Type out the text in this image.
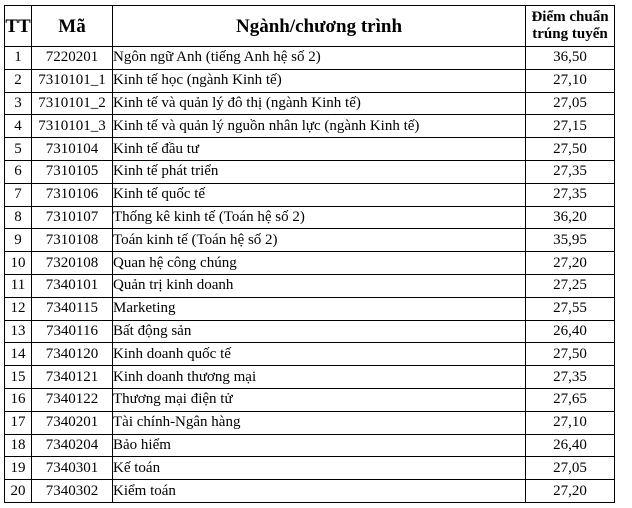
TT	Mã	Ngành/chương trình	Điểm chuẩn
trúng tuyển
1	7220201	Ngôn ngữ Anh (tiếng Anh hệ số 2)	36,50
2	7310101_1	Kinh tế học (ngành Kinh tế)	27,10
3	7310101_2	Kinh tế và quản lý đô thị (ngành Kinh tế)	27,05
4	7310101_3	Kinh tế và quản lý nguồn nhân lực (ngành Kinh tế)	27,15
5	7310104	Kinh tế đầu tư	27,50
6	7310105	Kinh tế phát triển	27,35
7	7310106	Kinh tế quốc tế	27,35
8	7310107	Thống kê kinh tế (Toán hệ số 2)	36,20
9	7310108	Toán kinh tế (Toán hệ số 2)	35,95
10	7320108	Quan hệ công chúng	27,20
11	7340101	Quản trị kinh doanh	27,25
12	7340115	Marketing	27,55
13	7340116	Bất động sản	26,40
14	7340120	Kinh doanh quốc tế	27,50
15	7340121	Kinh doanh thương mại	27,35
16	7340122	Thương mại điện tử	27,65
17	7340201	Tài chính-Ngân hàng	27,10
18	7340204	Bảo hiểm	26,40
19	7340301	Kế toán	27,05
20	7340302	Kiểm toán	27,20
